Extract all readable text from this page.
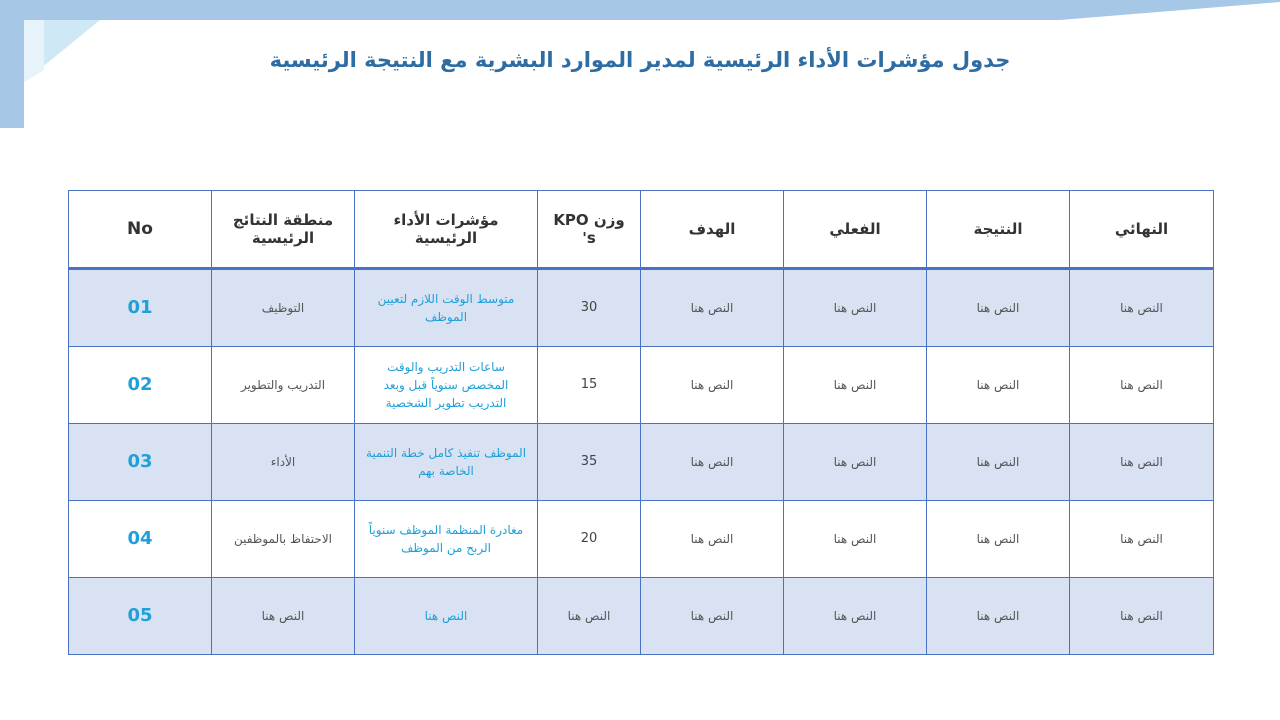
جدول مؤشرات الأداء الرئيسية لمدير الموارد البشرية مع النتيجة الرئيسية
No	منطقة النتائج الرئيسية	مؤشرات الأداء الرئيسية	وزن KPO 's	الهدف	الفعلي	النتيجة	النهائي
01	التوظيف	متوسط الوقت اللازم لتعيين الموظف	30	النص هنا	النص هنا	النص هنا	النص هنا
02	التدريب والتطوير	ساعات التدريب والوقت المخصص سنوياً قبل وبعد التدريب تطوير الشخصية	15	النص هنا	النص هنا	النص هنا	النص هنا
03	الأداء	الموظف تنفيذ كامل خطة التنمية الخاصة بهم	35	النص هنا	النص هنا	النص هنا	النص هنا
04	الاحتفاظ بالموظفين	مغادرة المنظمة الموظف سنوياً الربح من الموظف	20	النص هنا	النص هنا	النص هنا	النص هنا
05	النص هنا	النص هنا	النص هنا	النص هنا	النص هنا	النص هنا	النص هنا
